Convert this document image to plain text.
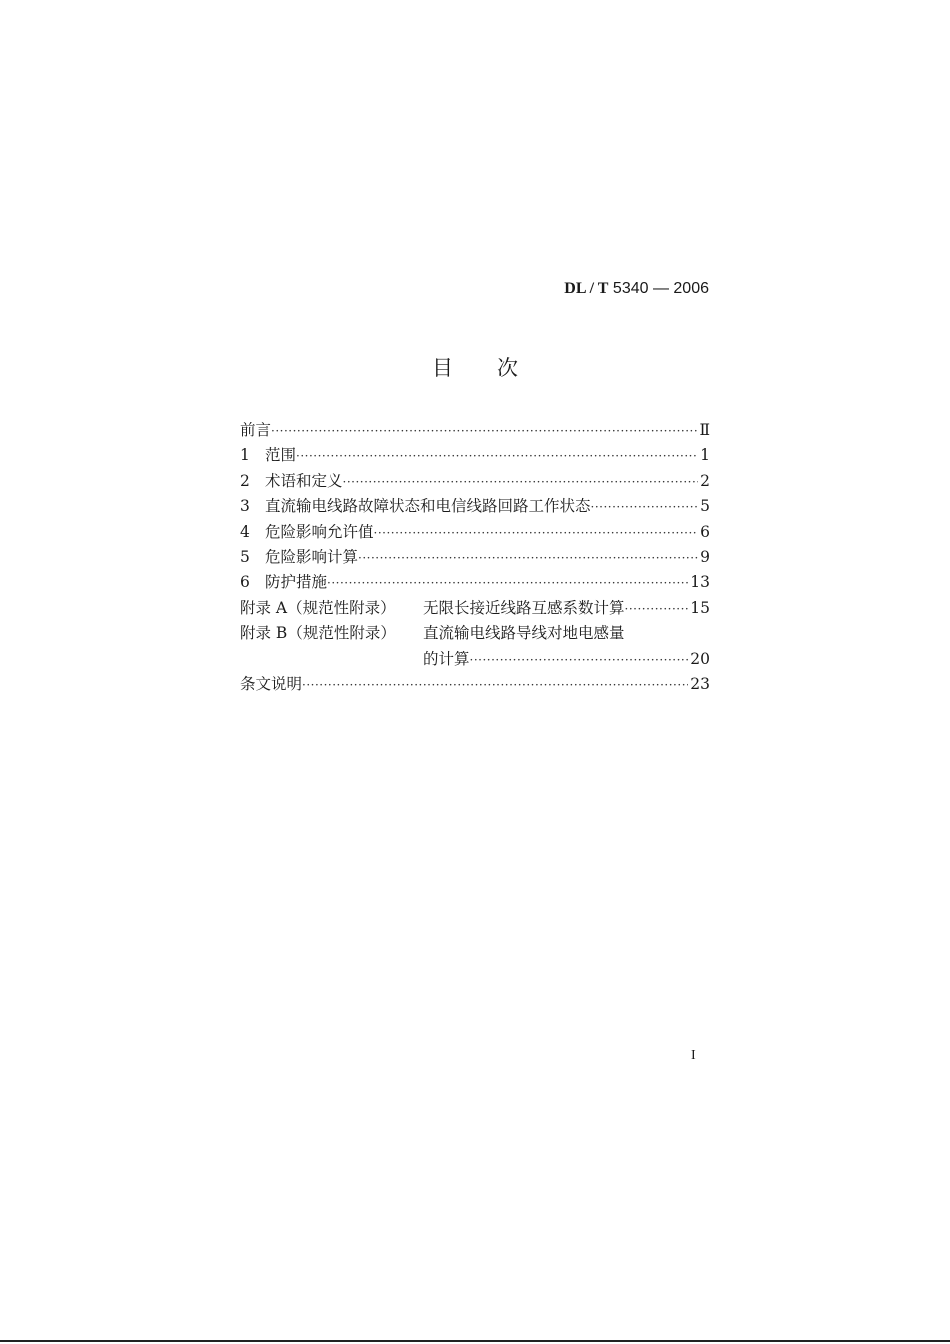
DL / T 5340 — 2006
目次
前言 ·····	Ⅱ
1 范围 ·····	1
2 术语和定义 ·····	2
3 直流输电线路故障状态和电信线路回路工作状态 ·····	5
4 危险影响允许值 ·····	6
5 危险影响计算 ·····	9
6 防护措施 ·····	13
附录 A（规范性附录）	无限长接近线路互感系数计算 ·····	15
附录 B（规范性附录）	直流输电线路导线对地电感量
的计算 ·····	20
条文说明 ·····	23
I
